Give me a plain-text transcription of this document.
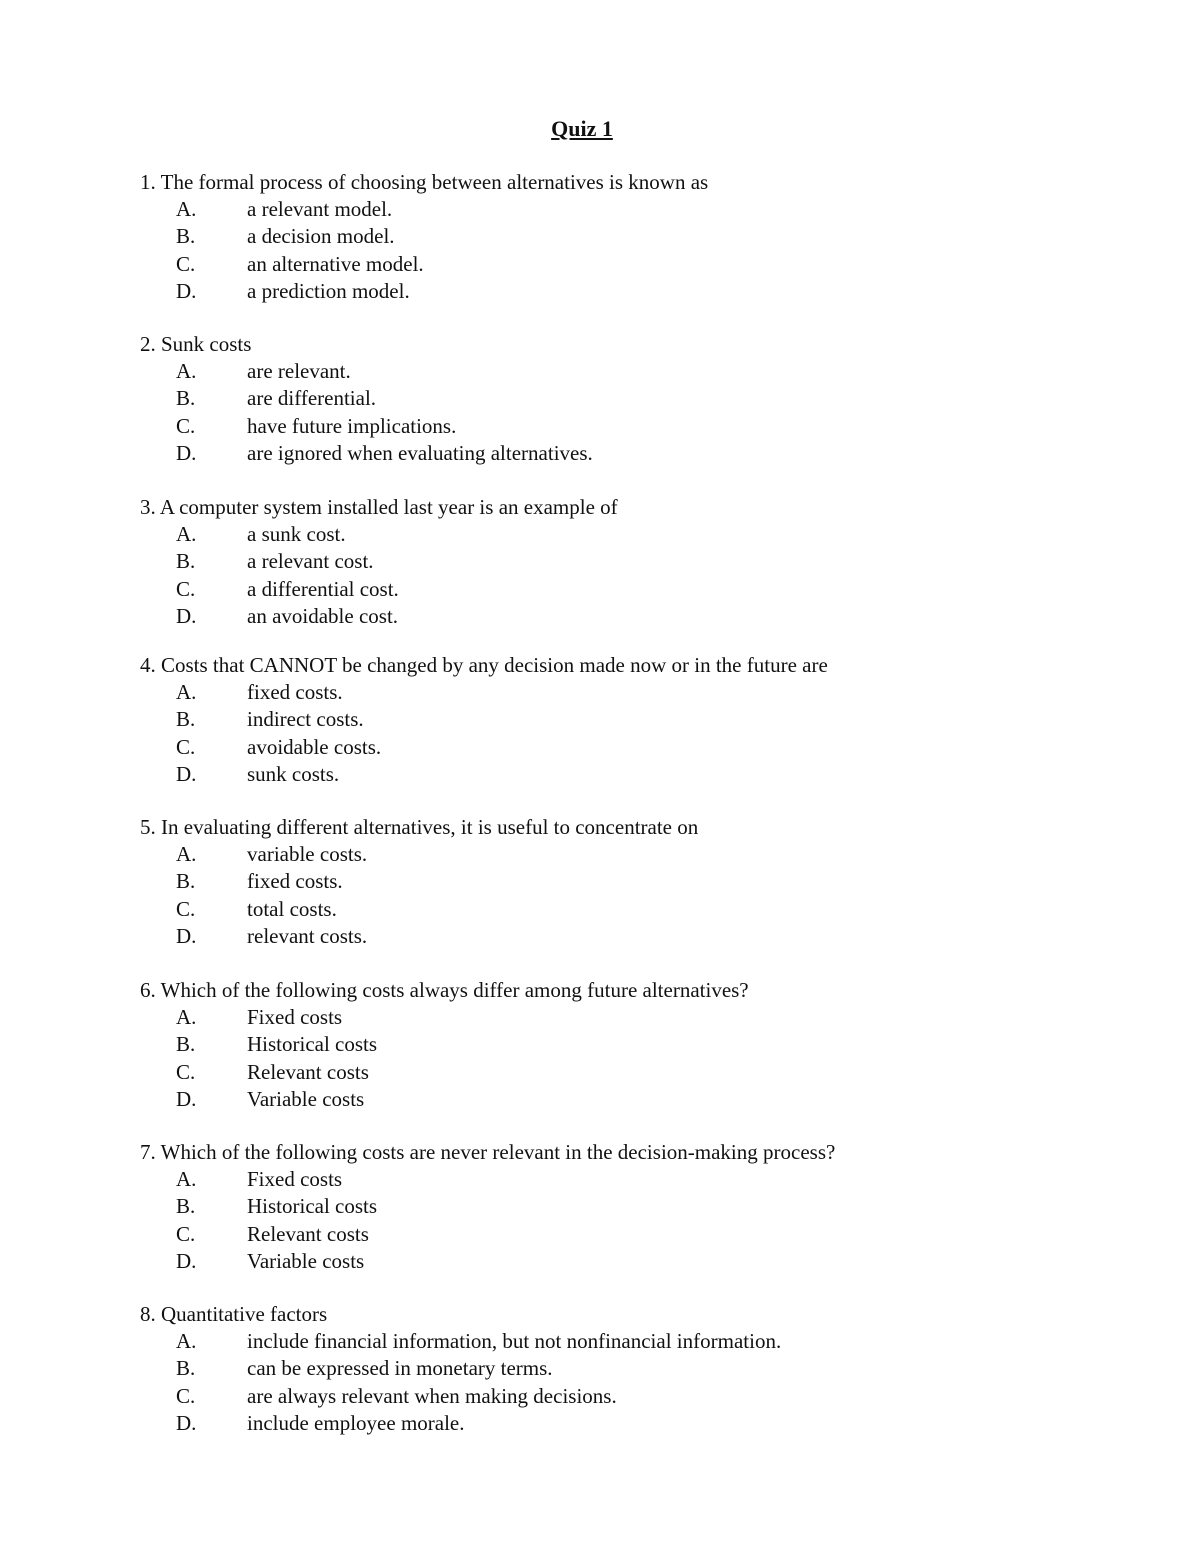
Quiz 1
1. The formal process of choosing between alternatives is known as
A. a relevant model.
B. a decision model.
C. an alternative model.
D. a prediction model.
2. Sunk costs
A. are relevant.
B. are differential.
C. have future implications.
D. are ignored when evaluating alternatives.
3. A computer system installed last year is an example of
A. a sunk cost.
B. a relevant cost.
C. a differential cost.
D. an avoidable cost.
4. Costs that CANNOT be changed by any decision made now or in the future are
A. fixed costs.
B. indirect costs.
C. avoidable costs.
D. sunk costs.
5. In evaluating different alternatives, it is useful to concentrate on
A. variable costs.
B. fixed costs.
C. total costs.
D. relevant costs.
6. Which of the following costs always differ among future alternatives?
A. Fixed costs
B. Historical costs
C. Relevant costs
D. Variable costs
7. Which of the following costs are never relevant in the decision-making process?
A. Fixed costs
B. Historical costs
C. Relevant costs
D. Variable costs
8. Quantitative factors
A. include financial information, but not nonfinancial information.
B. can be expressed in monetary terms.
C. are always relevant when making decisions.
D. include employee morale.
